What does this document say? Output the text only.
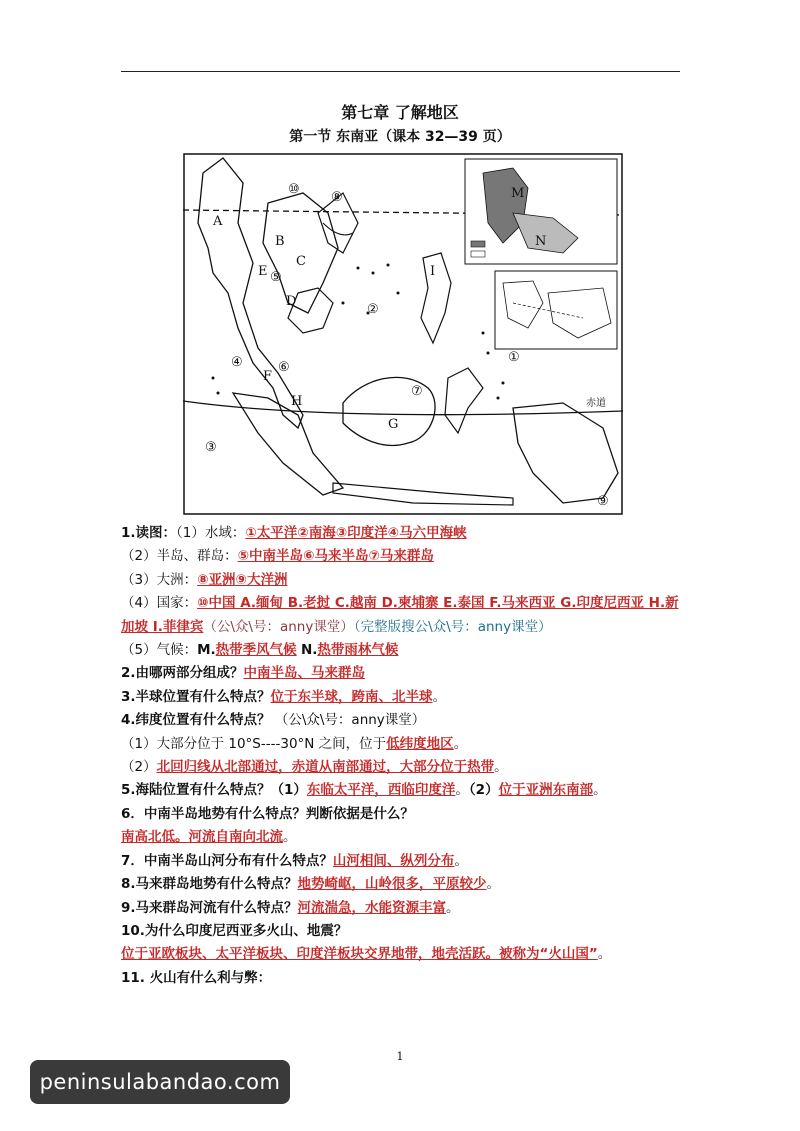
第七章 了解地区
第一节 东南亚（课本 32—39 页）
赤道
M
N
⑩
⑧
②
①
③
④
⑤
⑥
⑦
⑨
A
B
C
D
E
F
G
H
I
1.读图：（1）水域：①太平洋②南海③印度洋④马六甲海峡
（2）半岛、群岛：⑤中南半岛⑥马来半岛⑦马来群岛
（3）大洲：⑧亚洲⑨大洋洲
（4）国家：⑩中国 A.缅甸 B.老挝 C.越南 D.柬埔寨 E.泰国 F.马来西亚 G.印度尼西亚 H.新加坡 I.菲律宾（公\众\号：anny课堂）（完整版搜公\众\号：anny课堂）
（5）气候：M.热带季风气候 N.热带雨林气候
2.由哪两部分组成？中南半岛、马来群岛
3.半球位置有什么特点？位于东半球，跨南、北半球。
4.纬度位置有什么特点？ （公\众\号：anny课堂）
（1）大部分位于 10°S----30°N 之间，位于低纬度地区。
（2）北回归线从北部通过，赤道从南部通过，大部分位于热带。
5.海陆位置有什么特点？（1）东临太平洋，西临印度洋。（2）位于亚洲东南部。
6．中南半岛地势有什么特点？判断依据是什么？
南高北低。河流自南向北流。
7．中南半岛山河分布有什么特点？山河相间、纵列分布。
8.马来群岛地势有什么特点？地势崎岖，山岭很多，平原较少。
9.马来群岛河流有什么特点？河流湍急，水能资源丰富。
10.为什么印度尼西亚多火山、地震？
位于亚欧板块、太平洋板块、印度洋板块交界地带，地壳活跃。被称为“火山国”。
11. 火山有什么利与弊：
1
peninsulabandao.com
